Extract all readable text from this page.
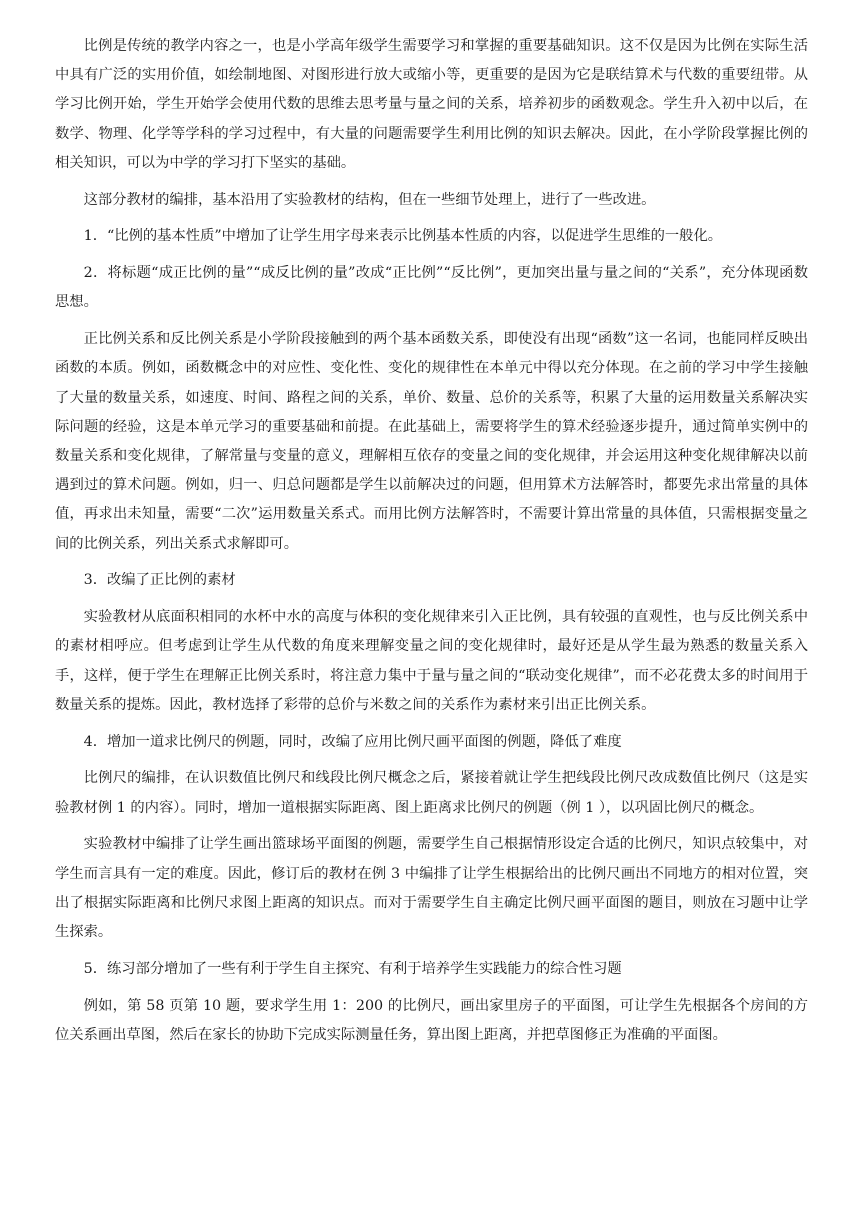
比例是传统的教学内容之一，也是小学高年级学生需要学习和掌握的重要基础知识。这不仅是因为比例在实际生活中具有广泛的实用价值，如绘制地图、对图形进行放大或缩小等，更重要的是因为它是联结算术与代数的重要纽带。从学习比例开始，学生开始学会使用代数的思维去思考量与量之间的关系，培养初步的函数观念。学生升入初中以后，在数学、物理、化学等学科的学习过程中，有大量的问题需要学生利用比例的知识去解决。因此，在小学阶段掌握比例的相关知识，可以为中学的学习打下坚实的基础。

这部分教材的编排，基本沿用了实验教材的结构，但在一些细节处理上，进行了一些改进。

1．“比例的基本性质”中增加了让学生用字母来表示比例基本性质的内容，以促进学生思维的一般化。

2．将标题“成正比例的量”“成反比例的量”改成“正比例”“反比例”，更加突出量与量之间的“关系”，充分体现函数思想。

正比例关系和反比例关系是小学阶段接触到的两个基本函数关系，即使没有出现“函数”这一名词，也能同样反映出函数的本质。例如，函数概念中的对应性、变化性、变化的规律性在本单元中得以充分体现。在之前的学习中学生接触了大量的数量关系，如速度、时间、路程之间的关系，单价、数量、总价的关系等，积累了大量的运用数量关系解决实际问题的经验，这是本单元学习的重要基础和前提。在此基础上，需要将学生的算术经验逐步提升，通过简单实例中的数量关系和变化规律，了解常量与变量的意义，理解相互依存的变量之间的变化规律，并会运用这种变化规律解决以前遇到过的算术问题。例如，归一、归总问题都是学生以前解决过的问题，但用算术方法解答时，都要先求出常量的具体值，再求出未知量，需要“二次”运用数量关系式。而用比例方法解答时，不需要计算出常量的具体值，只需根据变量之间的比例关系，列出关系式求解即可。

3．改编了正比例的素材

实验教材从底面积相同的水杯中水的高度与体积的变化规律来引入正比例，具有较强的直观性，也与反比例关系中的素材相呼应。但考虑到让学生从代数的角度来理解变量之间的变化规律时，最好还是从学生最为熟悉的数量关系入手，这样，便于学生在理解正比例关系时，将注意力集中于量与量之间的“联动变化规律”，而不必花费太多的时间用于数量关系的提炼。因此，教材选择了彩带的总价与米数之间的关系作为素材来引出正比例关系。

4．增加一道求比例尺的例题，同时，改编了应用比例尺画平面图的例题，降低了难度

比例尺的编排，在认识数值比例尺和线段比例尺概念之后，紧接着就让学生把线段比例尺改成数值比例尺（这是实验教材例 1 的内容）。同时，增加一道根据实际距离、图上距离求比例尺的例题（例 1 ），以巩固比例尺的概念。

实验教材中编排了让学生画出篮球场平面图的例题，需要学生自己根据情形设定合适的比例尺，知识点较集中，对学生而言具有一定的难度。因此，修订后的教材在例 3 中编排了让学生根据给出的比例尺画出不同地方的相对位置，突出了根据实际距离和比例尺求图上距离的知识点。而对于需要学生自主确定比例尺画平面图的题目，则放在习题中让学生探索。

5．练习部分增加了一些有利于学生自主探究、有利于培养学生实践能力的综合性习题

例如，第 58 页第 10 题，要求学生用 1：200 的比例尺，画出家里房子的平面图，可让学生先根据各个房间的方位关系画出草图，然后在家长的协助下完成实际测量任务，算出图上距离，并把草图修正为准确的平面图。
